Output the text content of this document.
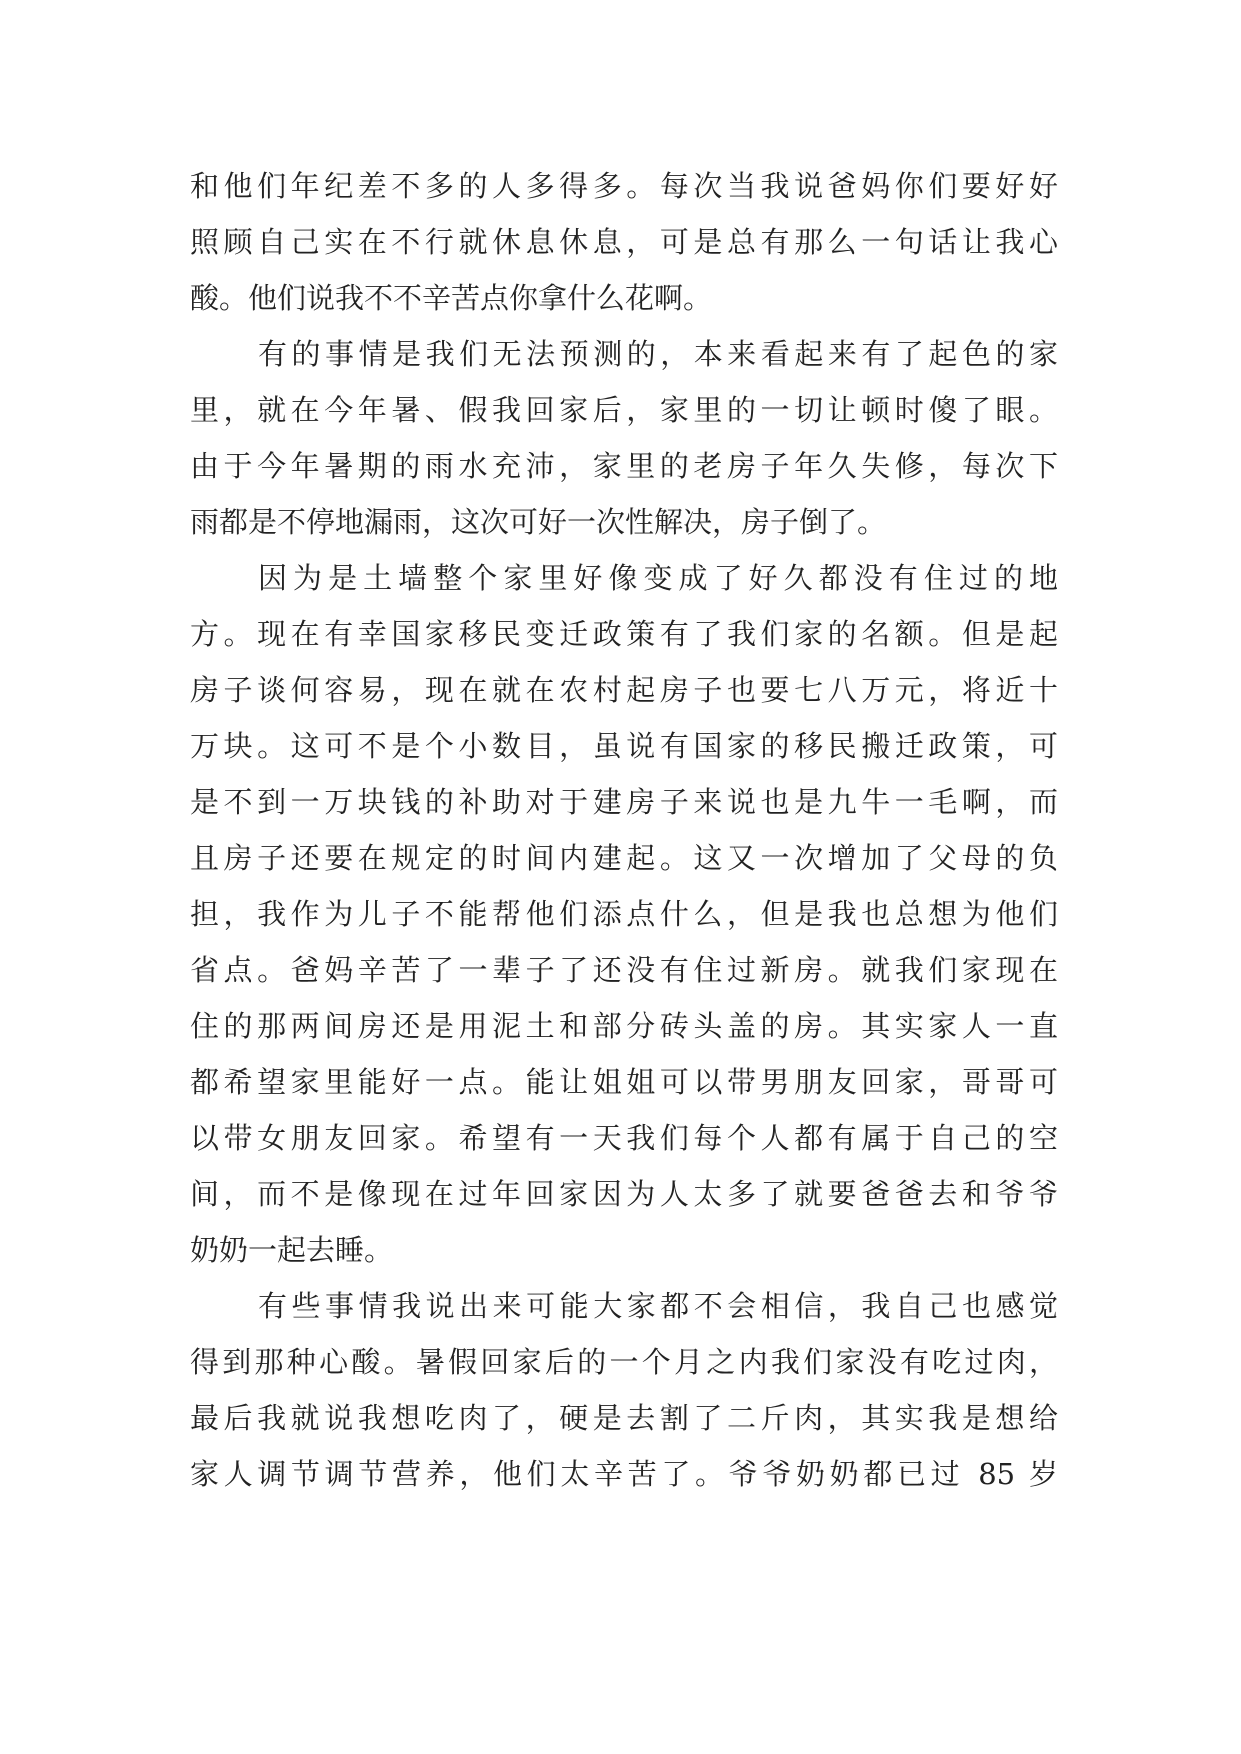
和他们年纪差不多的人多得多。每次当我说爸妈你们要好好
照顾自己实在不行就休息休息，可是总有那么一句话让我心
酸。他们说我不不辛苦点你拿什么花啊。
有的事情是我们无法预测的，本来看起来有了起色的家
里，就在今年暑、假我回家后，家里的一切让顿时傻了眼。
由于今年暑期的雨水充沛，家里的老房子年久失修，每次下
雨都是不停地漏雨，这次可好一次性解决，房子倒了。
因为是土墙整个家里好像变成了好久都没有住过的地
方。现在有幸国家移民变迁政策有了我们家的名额。但是起
房子谈何容易，现在就在农村起房子也要七八万元，将近十
万块。这可不是个小数目，虽说有国家的移民搬迁政策，可
是不到一万块钱的补助对于建房子来说也是九牛一毛啊，而
且房子还要在规定的时间内建起。这又一次增加了父母的负
担，我作为儿子不能帮他们添点什么，但是我也总想为他们
省点。爸妈辛苦了一辈子了还没有住过新房。就我们家现在
住的那两间房还是用泥土和部分砖头盖的房。其实家人一直
都希望家里能好一点。能让姐姐可以带男朋友回家，哥哥可
以带女朋友回家。希望有一天我们每个人都有属于自己的空
间，而不是像现在过年回家因为人太多了就要爸爸去和爷爷
奶奶一起去睡。
有些事情我说出来可能大家都不会相信，我自己也感觉
得到那种心酸。暑假回家后的一个月之内我们家没有吃过肉，
最后我就说我想吃肉了，硬是去割了二斤肉，其实我是想给
家人调节调节营养，他们太辛苦了。爷爷奶奶都已过 85 岁
